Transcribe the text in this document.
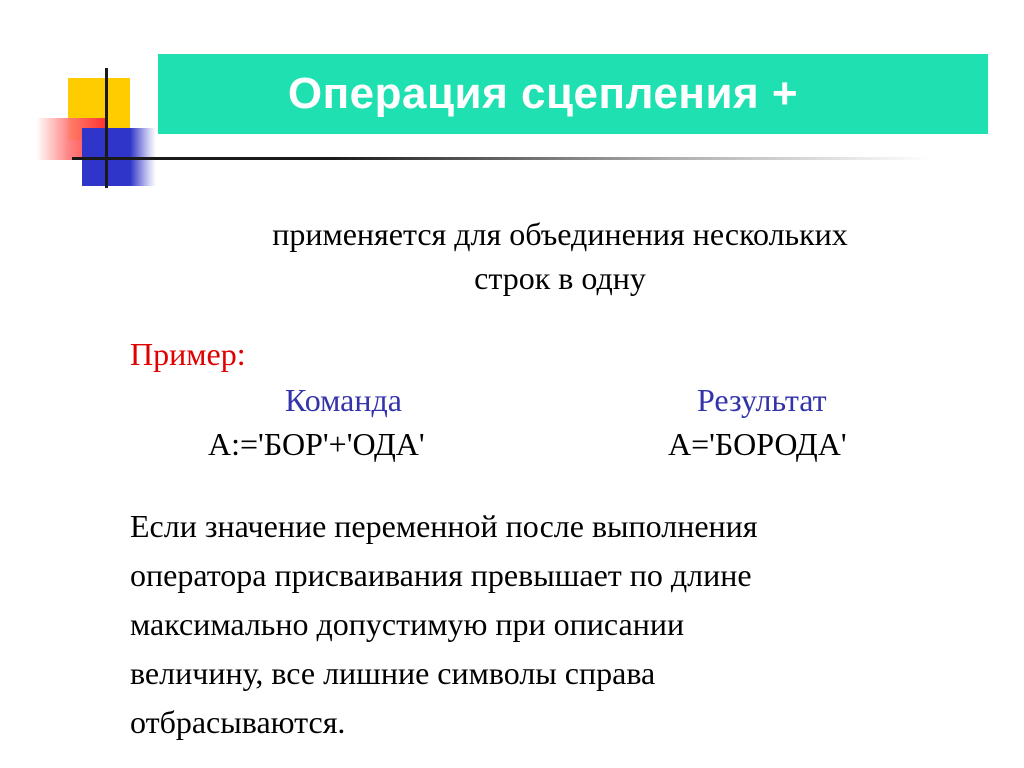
Операция сцепления +
применяется для объединения нескольких
строк в одну
Пример:
Команда	Результат
A:='БОР'+'ОДА'	A='БОРОДА'
Если значение переменной после выполнения
оператора присваивания превышает по длине
максимально допустимую при описании
величину, все лишние символы справа
отбрасываются.
